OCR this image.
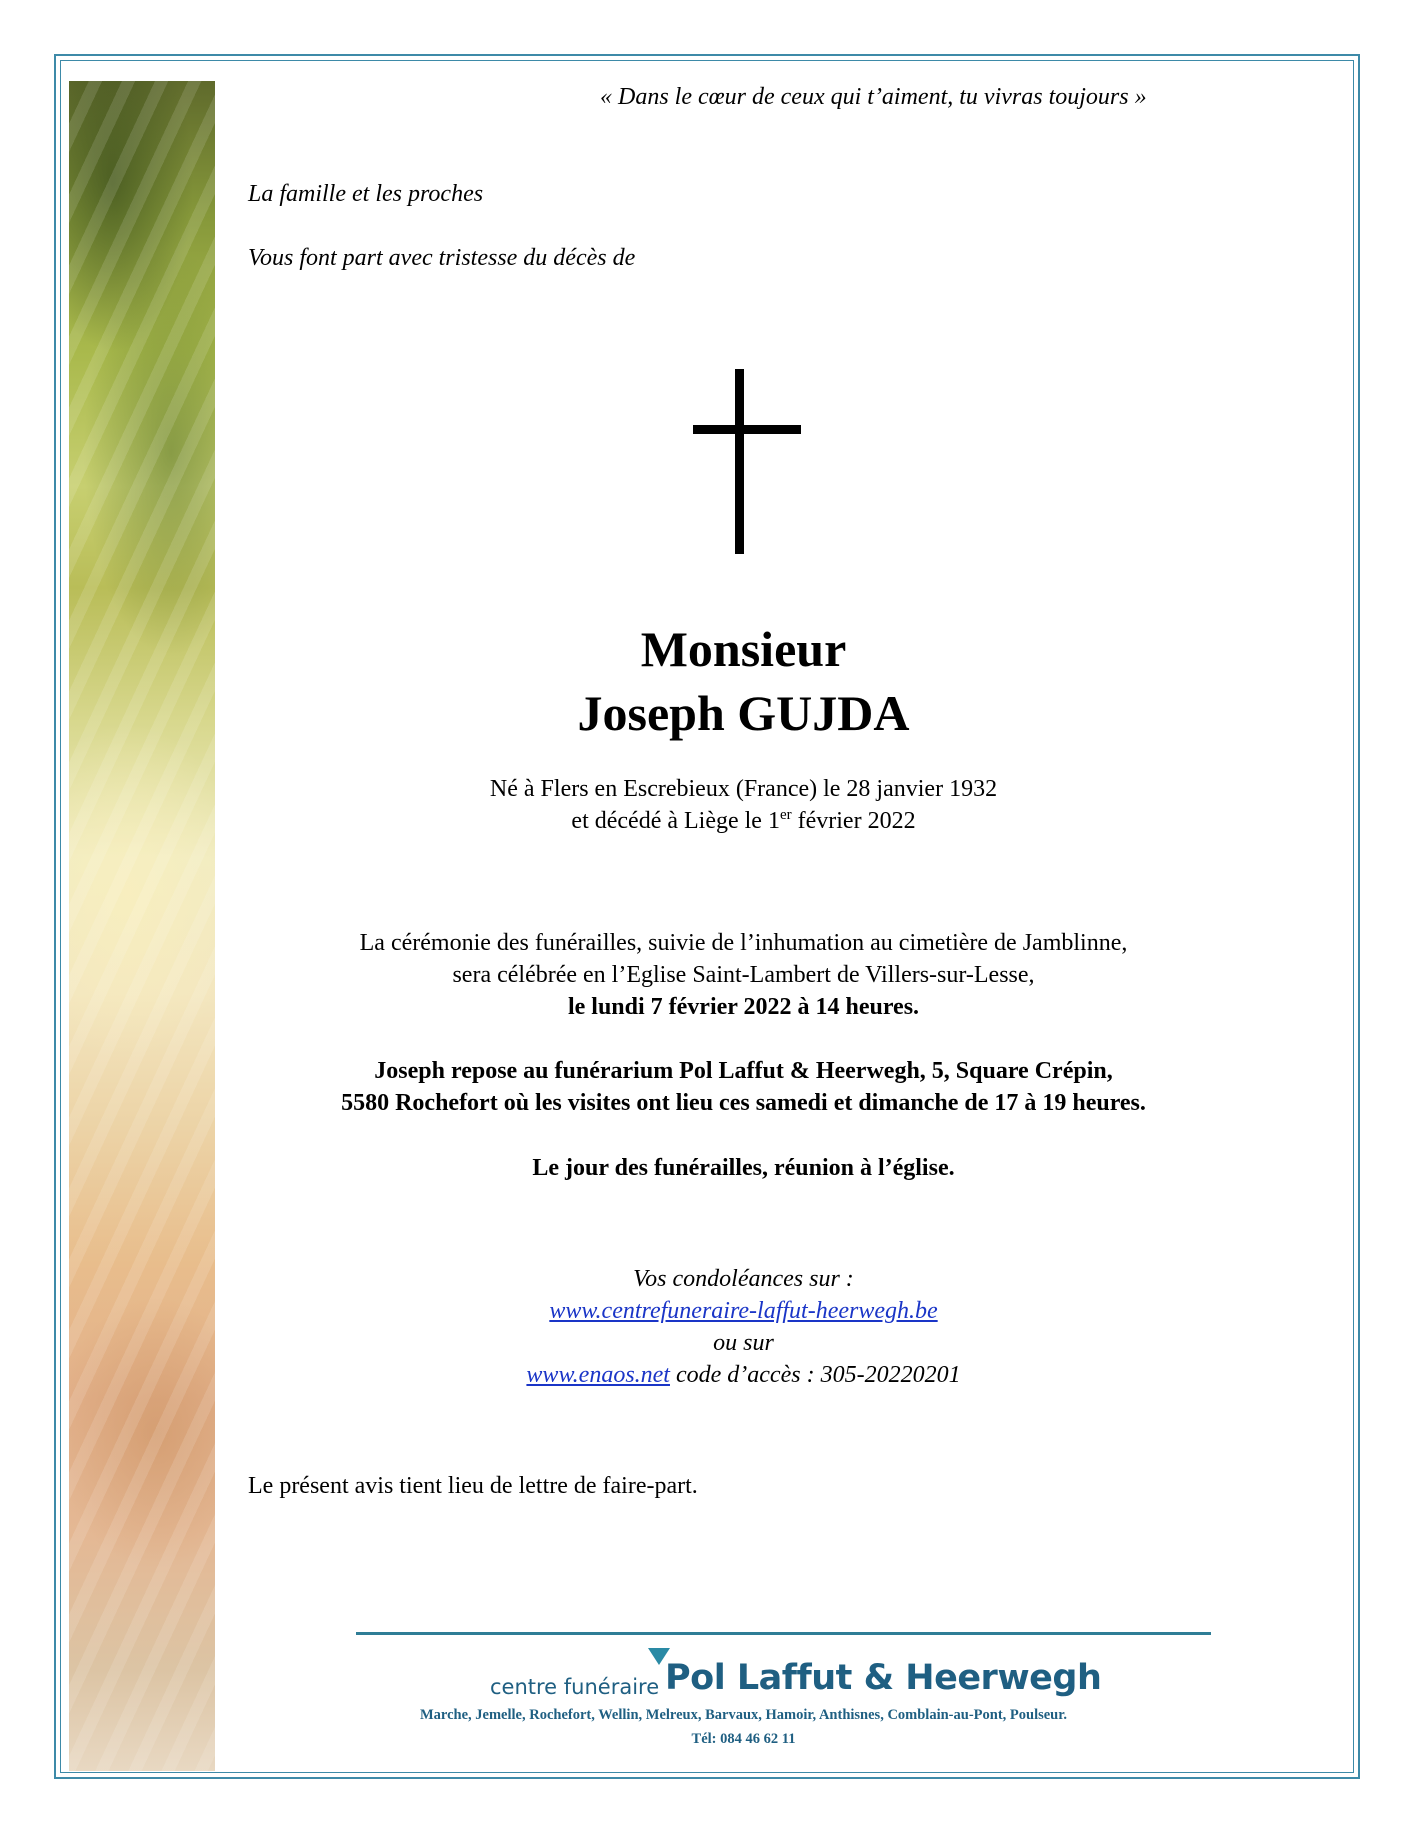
« Dans le cœur de ceux qui t’aiment, tu vivras toujours »

La famille et les proches

Vous font part avec tristesse du décès de

Monsieur

Joseph GUJDA

Né à Flers en Escrebieux (France) le 28 janvier 1932

et décédé à Liège le 1er février 2022

La cérémonie des funérailles, suivie de l’inhumation au cimetière de Jamblinne,

sera célébrée en l’Eglise Saint-Lambert de Villers-sur-Lesse,

le lundi 7 février 2022 à 14 heures.

Joseph repose au funérarium Pol Laffut & Heerwegh, 5, Square Crépin,

5580 Rochefort où les visites ont lieu ces samedi et dimanche de 17 à 19 heures.

Le jour des funérailles, réunion à l’église.

Vos condoléances sur :

www.centrefuneraire-laffut-heerwegh.be

ou sur

www.enaos.net code d’accès : 305-20220201

Le présent avis tient lieu de lettre de faire-part.

centre funéraire Pol Laffut & Heerwegh

Marche, Jemelle, Rochefort, Wellin, Melreux, Barvaux, Hamoir, Anthisnes, Comblain-au-Pont, Poulseur.

Tél: 084 46 62 11
